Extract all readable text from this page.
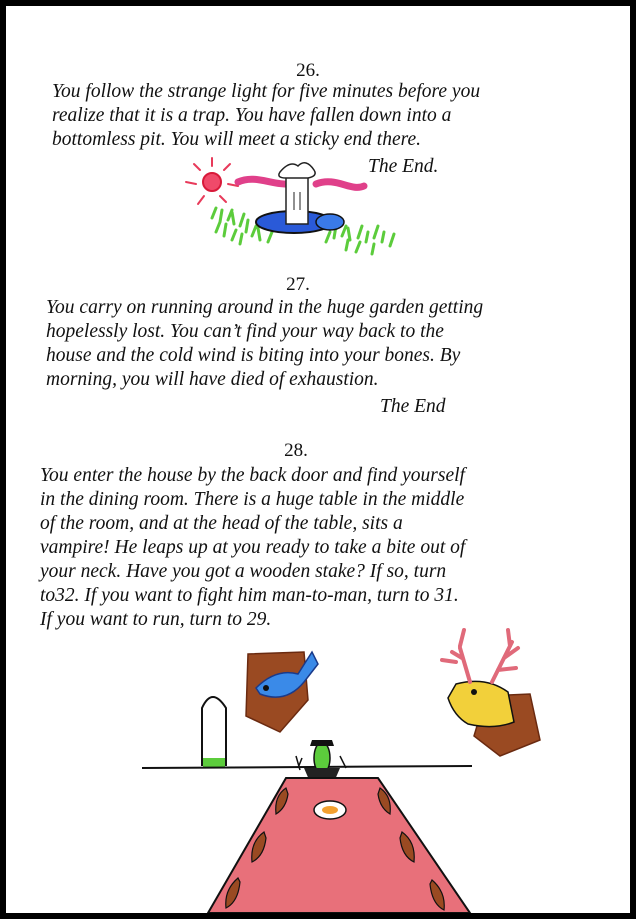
26.
You follow the strange light for five minutes before you
realize that it is a trap. You have fallen down into a
bottomless pit. You will meet a sticky end there.
The End.
27.
You carry on running around in the huge garden getting
hopelessly lost. You can’t find your way back to the
house and the cold wind is biting into your bones. By
morning, you will have died of exhaustion.
The End
28.
You enter the house by the back door and find yourself
in the dining room. There is a huge table in the middle
of the room, and at the head of the table, sits a
vampire! He leaps up at you ready to take a bite out of
your neck. Have you got a wooden stake? If so, turn
to32. If you want to fight him man-to-man, turn to 31.
If you want to run, turn to 29.
